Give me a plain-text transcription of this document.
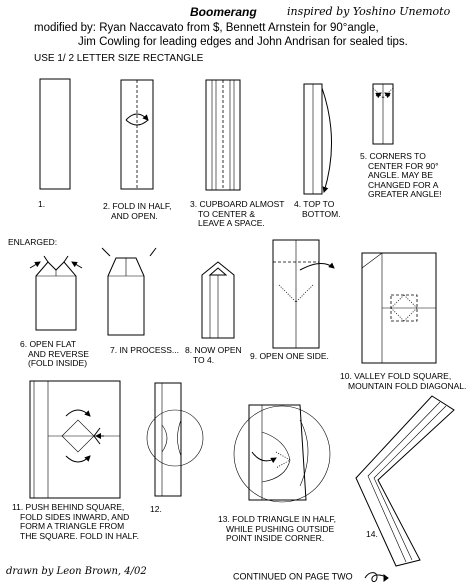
Boomerang	inspired by Yoshino Unemoto
modified by: Ryan Naccavato from $, Bennett Arnstein for 90°angle,
Jim Cowling for leading edges and John Andrisan for sealed tips.
USE 1/ 2 LETTER SIZE RECTANGLE
ENLARGED:
1.	2. FOLD IN HALF,
AND OPEN.
3. CUPBOARD ALMOST
TO CENTER &
LEAVE A SPACE.
4. TOP TO
BOTTOM.
5. CORNERS TO
CENTER FOR 90°
ANGLE. MAY BE
CHANGED FOR A
GREATER ANGLE!
6. OPEN FLAT
AND REVERSE
(FOLD INSIDE)
7. IN PROCESS... 8. NOW OPEN
TO 4.	9. OPEN ONE SIDE.
10. VALLEY FOLD SQUARE,
MOUNTAIN FOLD DIAGONAL.
11. PUSH BEHIND SQUARE,
FOLD SIDES INWARD, AND
FORM A TRIANGLE FROM
THE SQUARE. FOLD IN HALF.
12.
13. FOLD TRIANGLE IN HALF,
WHILE PUSHING OUTSIDE
POINT INSIDE CORNER.	14.
drawn by Leon Brown, 4/02	CONTINUED ON PAGE TWO
